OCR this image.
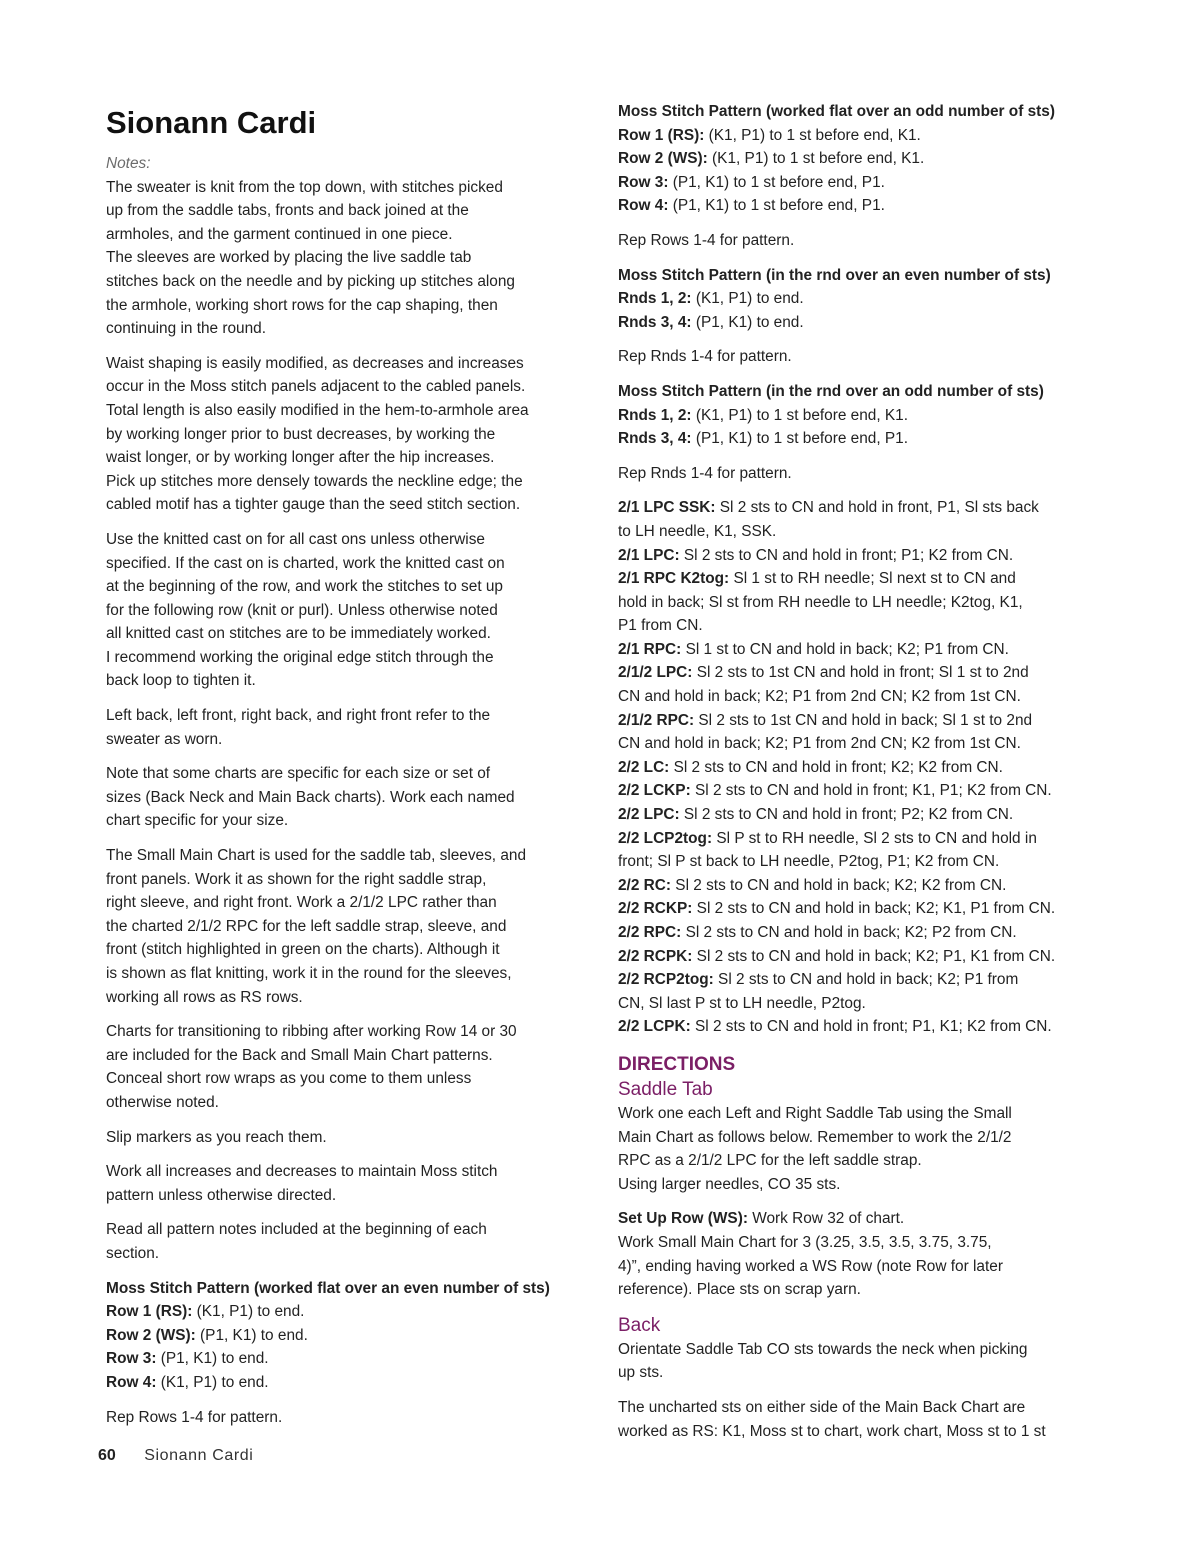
Sionann Cardi
Notes:
The sweater is knit from the top down, with stitches picked
up from the saddle tabs, fronts and back joined at the
armholes, and the garment continued in one piece.
The sleeves are worked by placing the live saddle tab
stitches back on the needle and by picking up stitches along
the armhole, working short rows for the cap shaping, then
continuing in the round.
Waist shaping is easily modified, as decreases and increases
occur in the Moss stitch panels adjacent to the cabled panels.
Total length is also easily modified in the hem-to-armhole area
by working longer prior to bust decreases, by working the
waist longer, or by working longer after the hip increases.
Pick up stitches more densely towards the neckline edge; the
cabled motif has a tighter gauge than the seed stitch section.
Use the knitted cast on for all cast ons unless otherwise
specified. If the cast on is charted, work the knitted cast on
at the beginning of the row, and work the stitches to set up
for the following row (knit or purl). Unless otherwise noted
all knitted cast on stitches are to be immediately worked.
I recommend working the original edge stitch through the
back loop to tighten it.
Left back, left front, right back, and right front refer to the
sweater as worn.
Note that some charts are specific for each size or set of
sizes (Back Neck and Main Back charts). Work each named
chart specific for your size.
The Small Main Chart is used for the saddle tab, sleeves, and
front panels. Work it as shown for the right saddle strap,
right sleeve, and right front. Work a 2/1/2 LPC rather than
the charted 2/1/2 RPC for the left saddle strap, sleeve, and
front (stitch highlighted in green on the charts). Although it
is shown as flat knitting, work it in the round for the sleeves,
working all rows as RS rows.
Charts for transitioning to ribbing after working Row 14 or 30
are included for the Back and Small Main Chart patterns.
Conceal short row wraps as you come to them unless
otherwise noted.
Slip markers as you reach them.
Work all increases and decreases to maintain Moss stitch
pattern unless otherwise directed.
Read all pattern notes included at the beginning of each
section.
Moss Stitch Pattern (worked flat over an even number of sts)
Row 1 (RS): (K1, P1) to end.
Row 2 (WS): (P1, K1) to end.
Row 3: (P1, K1) to end.
Row 4: (K1, P1) to end.
Rep Rows 1-4 for pattern.
Moss Stitch Pattern (worked flat over an odd number of sts)
Row 1 (RS): (K1, P1) to 1 st before end, K1.
Row 2 (WS): (K1, P1) to 1 st before end, K1.
Row 3: (P1, K1) to 1 st before end, P1.
Row 4: (P1, K1) to 1 st before end, P1.
Rep Rows 1-4 for pattern.
Moss Stitch Pattern (in the rnd over an even number of sts)
Rnds 1, 2: (K1, P1) to end.
Rnds 3, 4: (P1, K1) to end.
Rep Rnds 1-4 for pattern.
Moss Stitch Pattern (in the rnd over an odd number of sts)
Rnds 1, 2: (K1, P1) to 1 st before end, K1.
Rnds 3, 4: (P1, K1) to 1 st before end, P1.
Rep Rnds 1-4 for pattern.
2/1 LPC SSK: Sl 2 sts to CN and hold in front, P1, Sl sts back
to LH needle, K1, SSK.
2/1 LPC: Sl 2 sts to CN and hold in front; P1; K2 from CN.
2/1 RPC K2tog: Sl 1 st to RH needle; Sl next st to CN and
hold in back; Sl st from RH needle to LH needle; K2tog, K1,
P1 from CN.
2/1 RPC: Sl 1 st to CN and hold in back; K2; P1 from CN.
2/1/2 LPC: Sl 2 sts to 1st CN and hold in front; Sl 1 st to 2nd
CN and hold in back; K2; P1 from 2nd CN; K2 from 1st CN.
2/1/2 RPC: Sl 2 sts to 1st CN and hold in back; Sl 1 st to 2nd
CN and hold in back; K2; P1 from 2nd CN; K2 from 1st CN.
2/2 LC: Sl 2 sts to CN and hold in front; K2; K2 from CN.
2/2 LCKP: Sl 2 sts to CN and hold in front; K1, P1; K2 from CN.
2/2 LPC: Sl 2 sts to CN and hold in front; P2; K2 from CN.
2/2 LCP2tog: Sl P st to RH needle, Sl 2 sts to CN and hold in
front; Sl P st back to LH needle, P2tog, P1; K2 from CN.
2/2 RC: Sl 2 sts to CN and hold in back; K2; K2 from CN.
2/2 RCKP: Sl 2 sts to CN and hold in back; K2; K1, P1 from CN.
2/2 RPC: Sl 2 sts to CN and hold in back; K2; P2 from CN.
2/2 RCPK: Sl 2 sts to CN and hold in back; K2; P1, K1 from CN.
2/2 RCP2tog: Sl 2 sts to CN and hold in back; K2; P1 from
CN, Sl last P st to LH needle, P2tog.
2/2 LCPK: Sl 2 sts to CN and hold in front; P1, K1; K2 from CN.
DIRECTIONS
Saddle Tab
Work one each Left and Right Saddle Tab using the Small
Main Chart as follows below. Remember to work the 2/1/2
RPC as a 2/1/2 LPC for the left saddle strap.
Using larger needles, CO 35 sts.
Set Up Row (WS): Work Row 32 of chart.
Work Small Main Chart for 3 (3.25, 3.5, 3.5, 3.75, 3.75,
4)”, ending having worked a WS Row (note Row for later
reference). Place sts on scrap yarn.
Back
Orientate Saddle Tab CO sts towards the neck when picking
up sts.
The uncharted sts on either side of the Main Back Chart are
worked as RS: K1, Moss st to chart, work chart, Moss st to 1 st
60 Sionann Cardi
